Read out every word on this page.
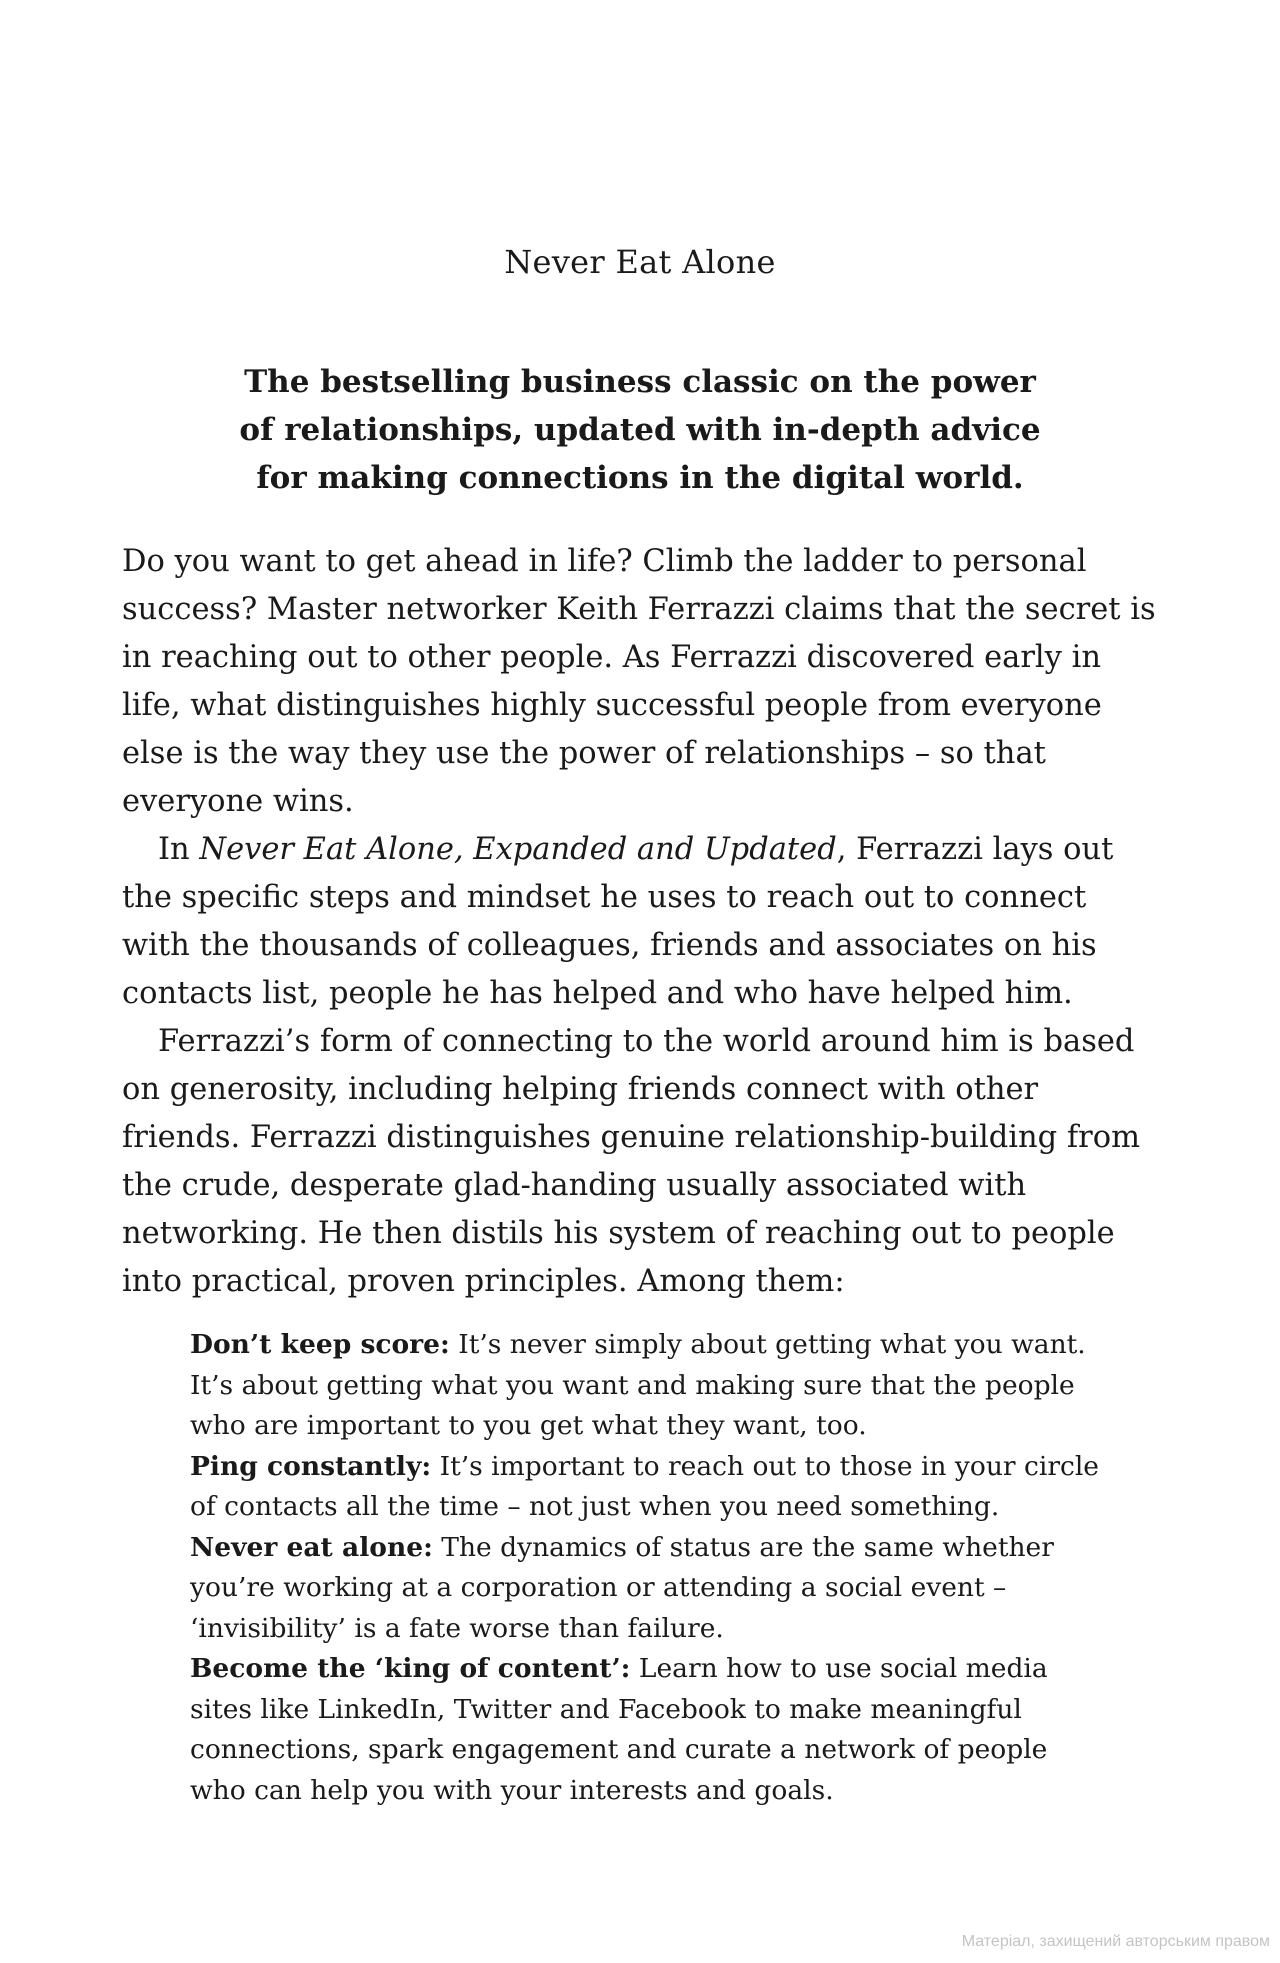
Never Eat Alone
The bestselling business classic on the power
of relationships, updated with in-depth advice
for making connections in the digital world.

Do you want to get ahead in life? Climb the ladder to personal success? Master networker Keith Ferrazzi claims that the secret is in reaching out to other people. As Ferrazzi discovered early in life, what distinguishes highly successful people from everyone else is the way they use the power of relationships – so that everyone wins.

In Never Eat Alone, Expanded and Updated, Ferrazzi lays out the specific steps and mindset he uses to reach out to connect with the thousands of colleagues, friends and associates on his contacts list, people he has helped and who have helped him.

Ferrazzi’s form of connecting to the world around him is based on generosity, including helping friends connect with other friends. Ferrazzi distinguishes genuine relationship-building from the crude, desperate glad-handing usually associated with networking. He then distils his system of reaching out to people into practical, proven principles. Among them:

Don’t keep score: It’s never simply about getting what you want. It’s about getting what you want and making sure that the people who are important to you get what they want, too.

Ping constantly: It’s important to reach out to those in your circle of contacts all the time – not just when you need something.

Never eat alone: The dynamics of status are the same whether you’re working at a corporation or attending a social event – ‘invisibility’ is a fate worse than failure.

Become the ‘king of content’: Learn how to use social media sites like LinkedIn, Twitter and Facebook to make meaningful connections, spark engagement and curate a network of people who can help you with your interests and goals.

Матеріал, захищений авторським правом
